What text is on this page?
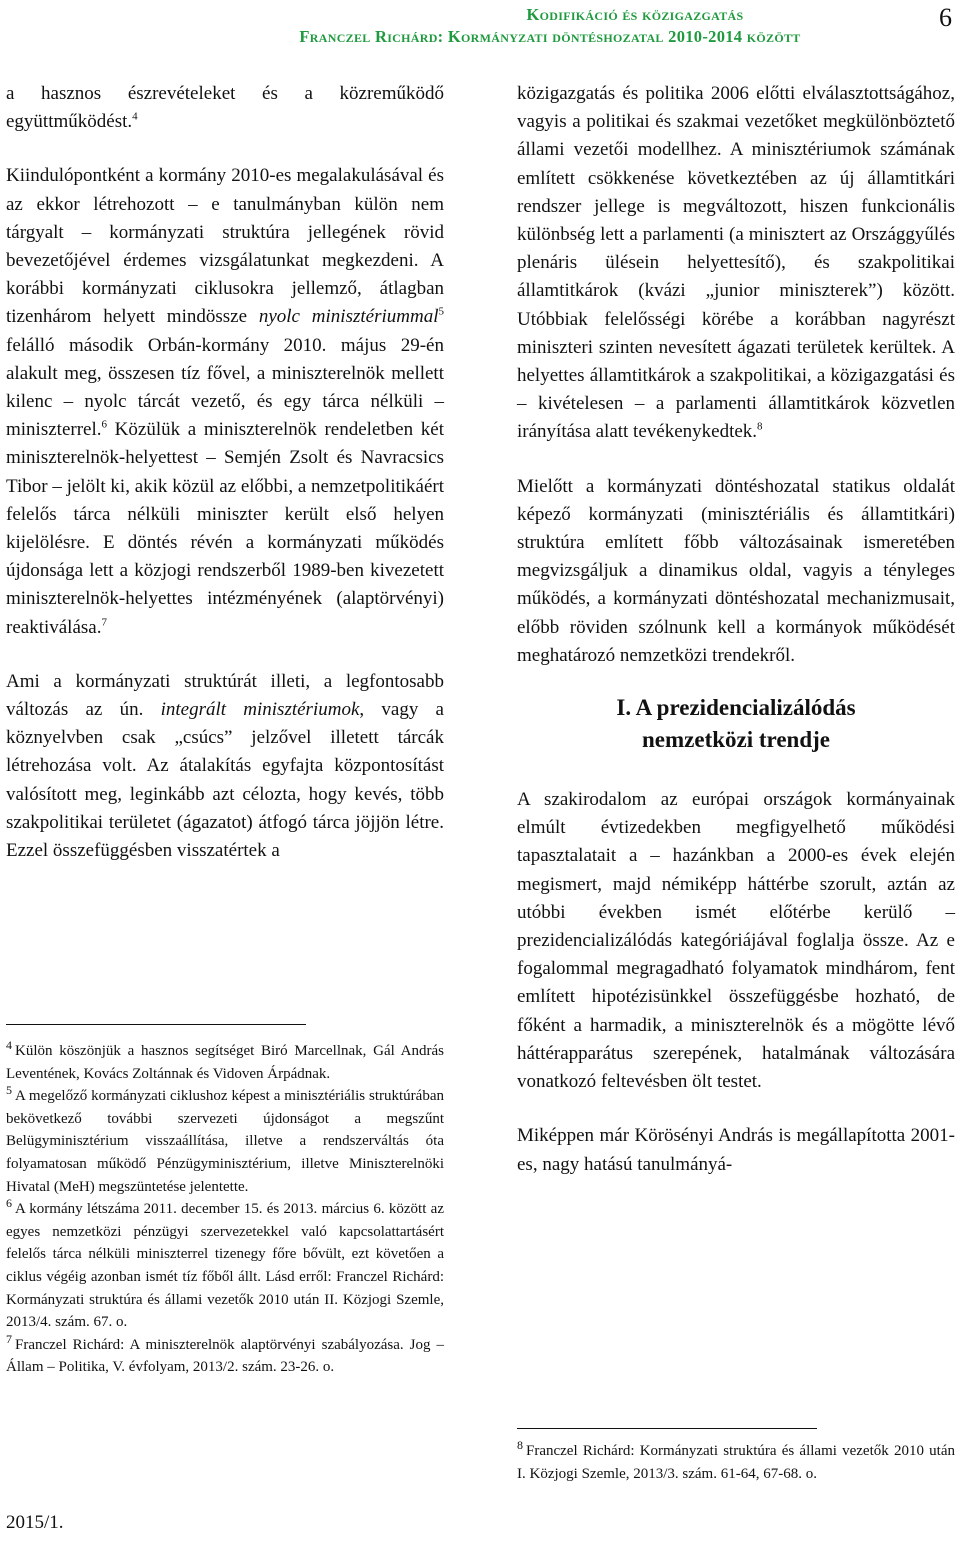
Kodifikáció és közigazgatás
Franczel Richárd: Kormányzati döntéshozatal 2010-2014 között
6

a hasznos észrevételeket és a közreműködő együttműködést.$^4$

Kiindulópontként a kormány 2010-es megalakulásával és az ekkor létrehozott – e tanulmányban külön nem tárgyalt – kormányzati struktúra jellegének rövid bevezetőjével érdemes vizsgálatunkat megkezdeni. A korábbi kormányzati ciklusokra jellemző, átlagban tizenhárom helyett mindössze nyolc minisztériummal$^5$ felálló második Orbán-kormány 2010. május 29-én alakult meg, összesen tíz fővel, a miniszterelnök mellett kilenc – nyolc tárcát vezető, és egy tárca nélküli – miniszterrel.$^6$ Közülük a miniszterelnök rendeletben két miniszterelnök-helyettest – Semjén Zsolt és Navracsics Tibor – jelölt ki, akik közül az előbbi, a nemzetpolitikáért felelős tárca nélküli miniszter került első helyen kijelölésre. E döntés révén a kormányzati működés újdonsága lett a közjogi rendszerből 1989-ben kivezetett miniszterelnök-helyettes intézményének (alaptörvényi) reaktiválása.$^7$

Ami a kormányzati struktúrát illeti, a legfontosabb változás az ún. integrált minisztériumok, vagy a köznyelvben csak „csúcs” jelzővel illetett tárcák létrehozása volt. Az átalakítás egyfajta központosítást valósított meg, leginkább azt célozta, hogy kevés, több szakpolitikai területet (ágazatot) átfogó tárca jöjjön létre. Ezzel összefüggésben visszatértek a

közigazgatás és politika 2006 előtti elválasztottságához, vagyis a politikai és szakmai vezetőket megkülönböztető állami vezetői modellhez. A minisztériumok számának említett csökkenése következtében az új államtitkári rendszer jellege is megváltozott, hiszen funkcionális különbség lett a parlamenti (a minisztert az Országgyűlés plenáris ülésein helyettesítő), és szakpolitikai államtitkárok (kvázi „junior miniszterek”) között. Utóbbiak felelősségi körébe a korábban nagyrészt miniszteri szinten nevesített ágazati területek kerültek. A helyettes államtitkárok a szakpolitikai, a közigazgatási és – kivételesen – a parlamenti államtitkárok közvetlen irányítása alatt tevékenykedtek.$^8$

Mielőtt a kormányzati döntéshozatal statikus oldalát képező kormányzati (minisztériális és államtitkári) struktúra említett főbb változásainak ismeretében megvizsgáljuk a dinamikus oldal, vagyis a tényleges működés, a kormányzati döntéshozatal mechanizmusait, előbb röviden szólnunk kell a kormányok működését meghatározó nemzetközi trendekről.

I. A prezidencializálódás
nemzetközi trendje

A szakirodalom az európai országok kormányainak elmúlt évtizedekben megfigyelhető működési tapasztalatait a – hazánkban a 2000-es évek elején megismert, majd némiképp háttérbe szorult, aztán az utóbbi években ismét előtérbe kerülő – prezidencializálódás kategóriájával foglalja össze. Az e fogalommal megragadható folyamatok mindhárom, fent említett hipotézisünkkel összefüggésbe hozható, de főként a harmadik, a miniszterelnök és a mögötte lévő háttérapparátus szerepének, hatalmának változására vonatkozó feltevésben ölt testet.

Miképpen már Körösényi András is megállapította 2001-es, nagy hatású tanulmányá-

$^4$ Külön köszönjük a hasznos segítséget Biró Marcellnak, Gál András Leventének, Kovács Zoltánnak és Vidoven Árpádnak.

$^5$ A megelőző kormányzati ciklushoz képest a minisztériális struktúrában bekövetkező további szervezeti újdonságot a megszűnt Belügyminisztérium visszaállítása, illetve a rendszerváltás óta folyamatosan működő Pénzügyminisztérium, illetve Miniszterelnöki Hivatal (MeH) megszüntetése jelentette.

$^6$ A kormány létszáma 2011. december 15. és 2013. március 6. között az egyes nemzetközi pénzügyi szervezetekkel való kapcsolattartásért felelős tárca nélküli miniszterrel tizenegy főre bővült, ezt követően a ciklus végéig azonban ismét tíz főből állt. Lásd erről: Franczel Richárd: Kormányzati struktúra és állami vezetők 2010 után II. Közjogi Szemle, 2013/4. szám. 67. o.

$^7$ Franczel Richárd: A miniszterelnök alaptörvényi szabályozása. Jog – Állam – Politika, V. évfolyam, 2013/2. szám. 23-26. o.

$^8$ Franczel Richárd: Kormányzati struktúra és állami vezetők 2010 után I. Közjogi Szemle, 2013/3. szám. 61-64, 67-68. o.

2015/1.
